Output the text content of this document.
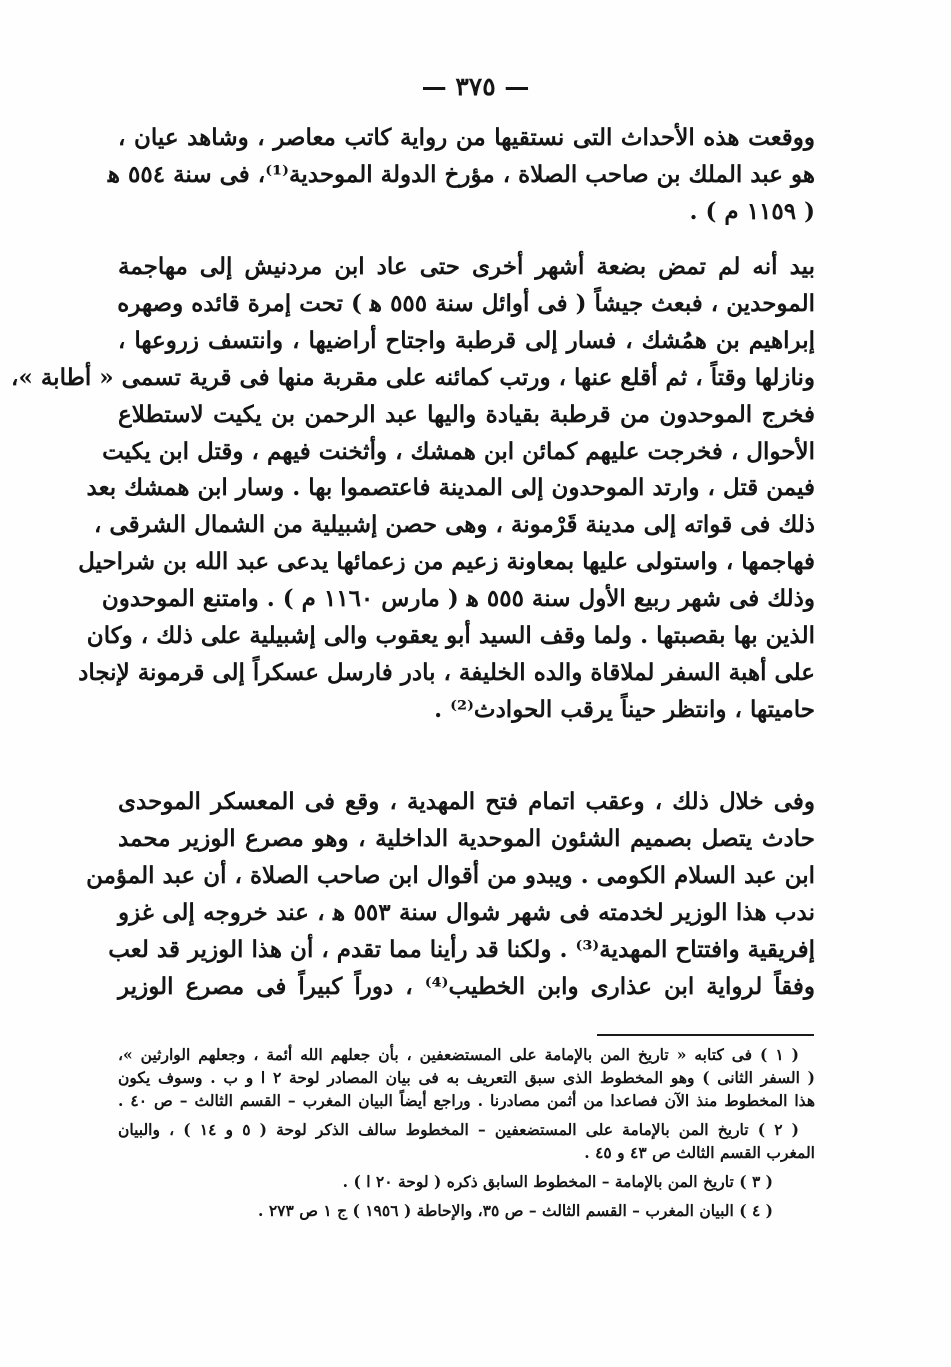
— ٣٧٥ —
ووقعت هذه الأحداث التى نستقيها من رواية كاتب معاصر ، وشاهد عيان ،
هو عبد الملك بن صاحب الصلاة ، مؤرخ الدولة الموحدية⁽¹⁾، فى سنة ٥٥٤ ﻫ
( ١١٥٩ م ) .
بيد أنه لم تمض بضعة أشهر أخرى حتى عاد ابن مردنيش إلى مهاجمة
الموحدين ، فبعث جيشاً ( فى أوائل سنة ٥٥٥ ﻫ ) تحت إمرة قائده وصهره
إبراهيم بن همُشك ، فسار إلى قرطبة واجتاح أراضيها ، وانتسف زروعها ،
ونازلها وقتاً ، ثم أقلع عنها ، ورتب كمائنه على مقربة منها فى قرية تسمى « أطابة »،
فخرج الموحدون من قرطبة بقيادة واليها عبد الرحمن بن يكيت لاستطلاع
الأحوال ، فخرجت عليهم كمائن ابن همشك ، وأثخنت فيهم ، وقتل ابن يكيت
فيمن قتل ، وارتد الموحدون إلى المدينة فاعتصموا بها . وسار ابن همشك بعد
ذلك فى قواته إلى مدينة قَرْمونة ، وهى حصن إشبيلية من الشمال الشرقى ،
فهاجمها ، واستولى عليها بمعاونة زعيم من زعمائها يدعى عبد الله بن شراحيل
وذلك فى شهر ربيع الأول سنة ٥٥٥ ﻫ ( مارس ١١٦٠ م ) . وامتنع الموحدون
الذين بها بقصبتها . ولما وقف السيد أبو يعقوب والى إشبيلية على ذلك ، وكان
على أهبة السفر لملاقاة والده الخليفة ، بادر فارسل عسكراً إلى قرمونة لإنجاد
حاميتها ، وانتظر حيناً يرقب الحوادث⁽²⁾ .
وفى خلال ذلك ، وعقب اتمام فتح المهدية ، وقع فى المعسكر الموحدى
حادث يتصل بصميم الشئون الموحدية الداخلية ، وهو مصرع الوزير محمد
ابن عبد السلام الكومى . ويبدو من أقوال ابن صاحب الصلاة ، أن عبد المؤمن
ندب هذا الوزير لخدمته فى شهر شوال سنة ٥٥٣ ﻫ ، عند خروجه إلى غزو
إفريقية وافتتاح المهدية⁽³⁾ . ولكنا قد رأينا مما تقدم ، أن هذا الوزير قد لعب
وفقاً لرواية ابن عذارى وابن الخطيب⁽⁴⁾ ، دوراً كبيراً فى مصرع الوزير
( ١ ) فى كتابه « تاريخ المن بالإمامة على المستضعفين ، بأن جعلهم الله أئمة ، وجعلهم الوارثين »،
( السفر الثانى ) وهو المخطوط الذى سبق التعريف به فى بيان المصادر لوحة ٢ ا و ب . وسوف يكون
هذا المخطوط منذ الآن فصاعدا من أثمن مصادرنا . وراجع أيضاً البيان المغرب – القسم الثالث – ص ٤٠ .
( ٢ ) تاريخ المن بالإمامة على المستضعفين – المخطوط سالف الذكر لوحة ( ٥ و ١٤ ) ، والبيان
المغرب القسم الثالث ص ٤٣ و ٤٥ .
( ٣ ) تاريخ المن بالإمامة – المخطوط السابق ذكره ( لوحة ٢٠ ا ) .
( ٤ ) البيان المغرب – القسم الثالث – ص ٣٥، والإحاطة ( ١٩٥٦ ) ج ١ ص ٢٧٣ .
